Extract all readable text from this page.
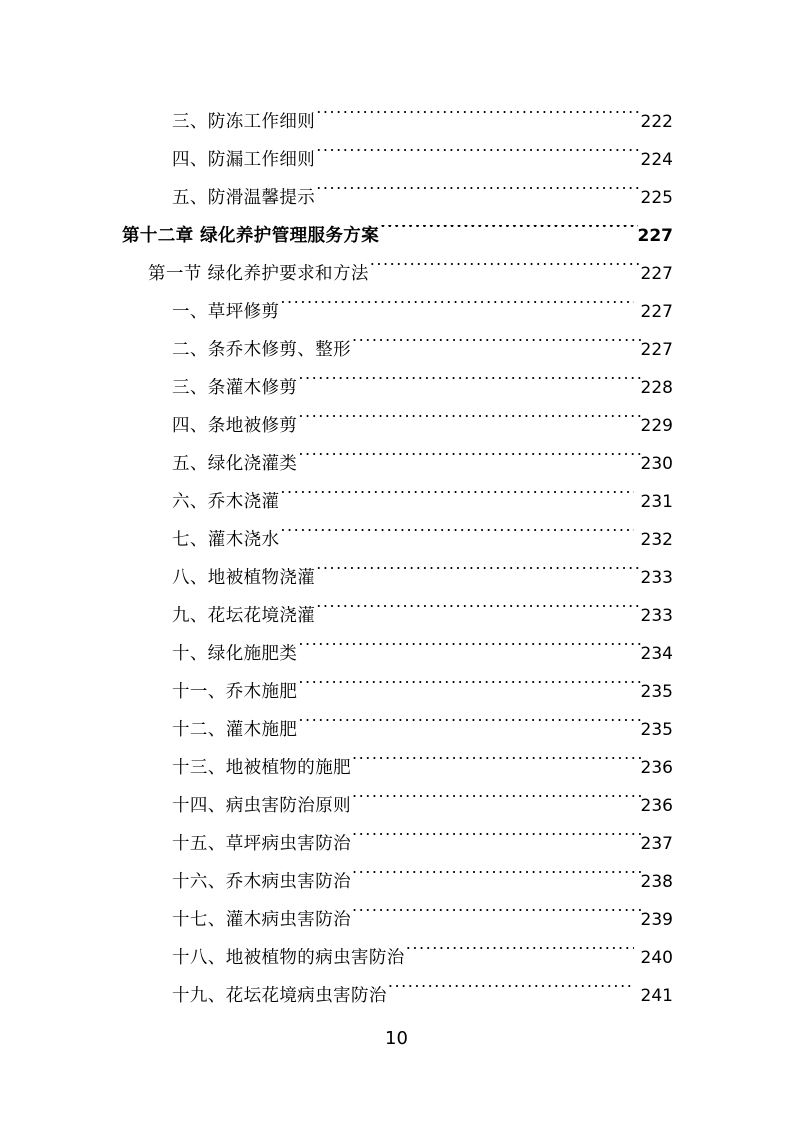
三、防冻工作细则 .....	222
四、防漏工作细则 .....	224
五、防滑温馨提示 .....	225
第十二章 绿化养护管理服务方案 .....	227
第一节 绿化养护要求和方法 .....	227
一、草坪修剪 .....	227
二、条乔木修剪、整形 .....	227
三、条灌木修剪 .....	228
四、条地被修剪 .....	229
五、绿化浇灌类 .....	230
六、乔木浇灌 .....	231
七、灌木浇水 .....	232
八、地被植物浇灌 .....	233
九、花坛花境浇灌 .....	233
十、绿化施肥类 .....	234
十一、乔木施肥 .....	235
十二、灌木施肥 .....	235
十三、地被植物的施肥 .....	236
十四、病虫害防治原则 .....	236
十五、草坪病虫害防治 .....	237
十六、乔木病虫害防治 .....	238
十七、灌木病虫害防治 .....	239
十八、地被植物的病虫害防治 .....	240
十九、花坛花境病虫害防治 .....	241
10
